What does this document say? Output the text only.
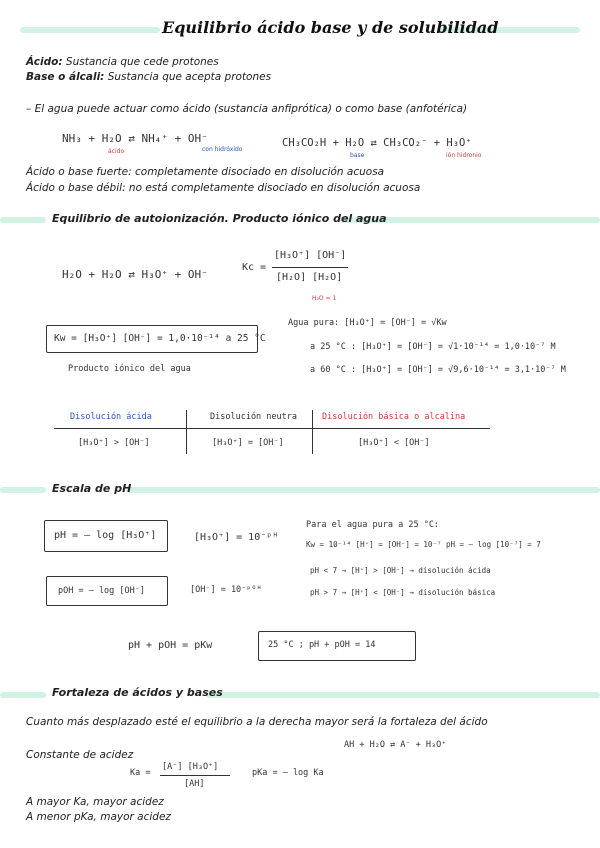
Equilibrio ácido base y de solubilidad
Ácido: Sustancia que cede protones
Base o álcali: Sustancia que acepta protones
– El agua puede actuar como ácido (sustancia anfiprótica) o como base (anfotérica)
NH₃ + H₂O ⇄ NH₄⁺ + OH⁻
ácido	con hidróxido
CH₃CO₂H + H₂O ⇄ CH₃CO₂⁻ + H₃O⁺
base	ión hidronio
Ácido o base fuerte: completamente disociado en disolución acuosa
Ácido o base débil: no está completamente disociado en disolución acuosa
Equilibrio de autoionización. Producto iónico del agua
H₂O + H₂O ⇄ H₃O⁺ + OH⁻
Kc =
[H₃O⁺] [OH⁻]
[H₂O] [H₂O]
H₂O = 1
Kw = [H₃O⁺] [OH⁻] = 1,0·10⁻¹⁴ a 25 °C
Producto iónico del agua
Agua pura: [H₃O⁺] = [OH⁻] = √Kw
a 25 °C : [H₃O⁺] = [OH⁻] = √1·10⁻¹⁴ = 1,0·10⁻⁷ M
a 60 °C : [H₃O⁺] = [OH⁻] = √9,6·10⁻¹⁴ = 3,1·10⁻⁷ M
Disolución ácida	Disolución neutra	Disolución básica o alcalina
[H₃O⁺] > [OH⁻]	[H₃O⁺] = [OH⁻]	[H₃O⁺] < [OH⁻]
Escala de pH
pH = – log [H₃O⁺]	[H₃O⁺] = 10⁻ᵖᴴ
pOH = – log [OH⁻]	[OH⁻] = 10⁻ᵖᴼᴴ
Para el agua pura a 25 °C:
Kw = 10⁻¹⁴ [H⁺] = [OH⁻] = 10⁻⁷ pH = – log [10⁻⁷] = 7
pH < 7 → [H⁺] > [OH⁻] → disolución ácida
pH > 7 → [H⁺] < [OH⁻] → disolución básica
pH + pOH = pKw	25 °C ; pH + pOH = 14
Fortaleza de ácidos y bases
Cuanto más desplazado esté el equilibrio a la derecha mayor será la fortaleza del ácido
AH + H₂O ⇄ A⁻ + H₃O⁺
Constante de acidez
Ka =
[A⁻] [H₃O⁺]
[AH]
pKa = – log Ka
A mayor Ka, mayor acidez
A menor pKa, mayor acidez
